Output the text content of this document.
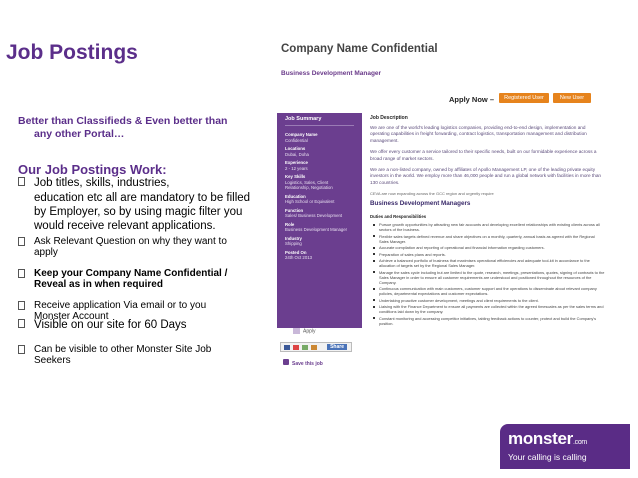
Job Postings
Better than Classifieds & Even better than
any other Portal…
Our Job Postings Work:
Job titles, skills, industries,
education etc all are mandatory to be filled by Employer, so by using magic filter you would receive relevant applications.
Ask Relevant Question on why they want to apply
Keep your Company Name Confidential / Reveal as in when required
Receive application Via email or to you Monster Account
Visible on our site for 60 Days
Can be visible to other Monster Site Job Seekers
Company Name Confidential
Business Development Manager
Apply Now –	Registered User	New User
Job Summary
Company Name
Confidential
Locations
Dubai, Doha
Experience
2 - 12 years
Key Skills
Logistics, Sales, Client Relationship, Negotiation
Education
High School or Equivalent
Function
Sales/ Business Development
Role
Business Development Manager
Industry
Shipping
Posted On
24th Oct 2013
Apply
Share
Save this job
Job Description
We are one of the world's leading logistics companies, providing end-to-end design, implementation and operating capabilities in freight forwarding, contract logistics, transportation management and distribution management.
We offer every customer a service tailored to their specific needs, built on our formidable experience across a broad range of market sectors.
We are a non-listed company, owned by affiliates of Apollo Management LP, one of the leading private equity investors in the world. We employ more than 46,000 people and run a global network with facilities in more than 130 countries.
CEVA are now expanding across the GCC region and urgently require
Business Development Managers
Duties and Responsibilities
Pursue growth opportunities by attracting new fair accounts and developing excellent relationships with existing clients across all sectors of the business.
Flexible sales targets defined revenue and share objectives on a monthly, quarterly, annual basis as agreed with the Regional Sales Manager.
Accurate compilation and reporting of operational and financial information regarding customers.
Preparation of sales plans and reports.
Achieve a balanced portfolio of business that maximises operational efficiencies and adequate tool-kit in accordance to the allocation of targets set by the Regional Sales Manager.
Manage the sales cycle including but are limited to the quote, research, meetings, presentations, quotes, signing of contracts to the Sales Manager in order to ensure all customer requirements are understood and positioned throughout the resources of the Company.
Continuous communication with main customers, customer support and the operations to disseminate about relevant company policies, departmental expectations and customer expectations.
Undertaking proactive customer development, meetings and client requirements to the client.
Liaising with the Finance Department to ensure all payments are collected within the agreed timescales as per the sales terms and conditions laid down by the company.
Constant monitoring and accessing competitor initiatives, tabling feedback actions to counter, protect and build the Company's position.
monster.com
Your calling is calling
